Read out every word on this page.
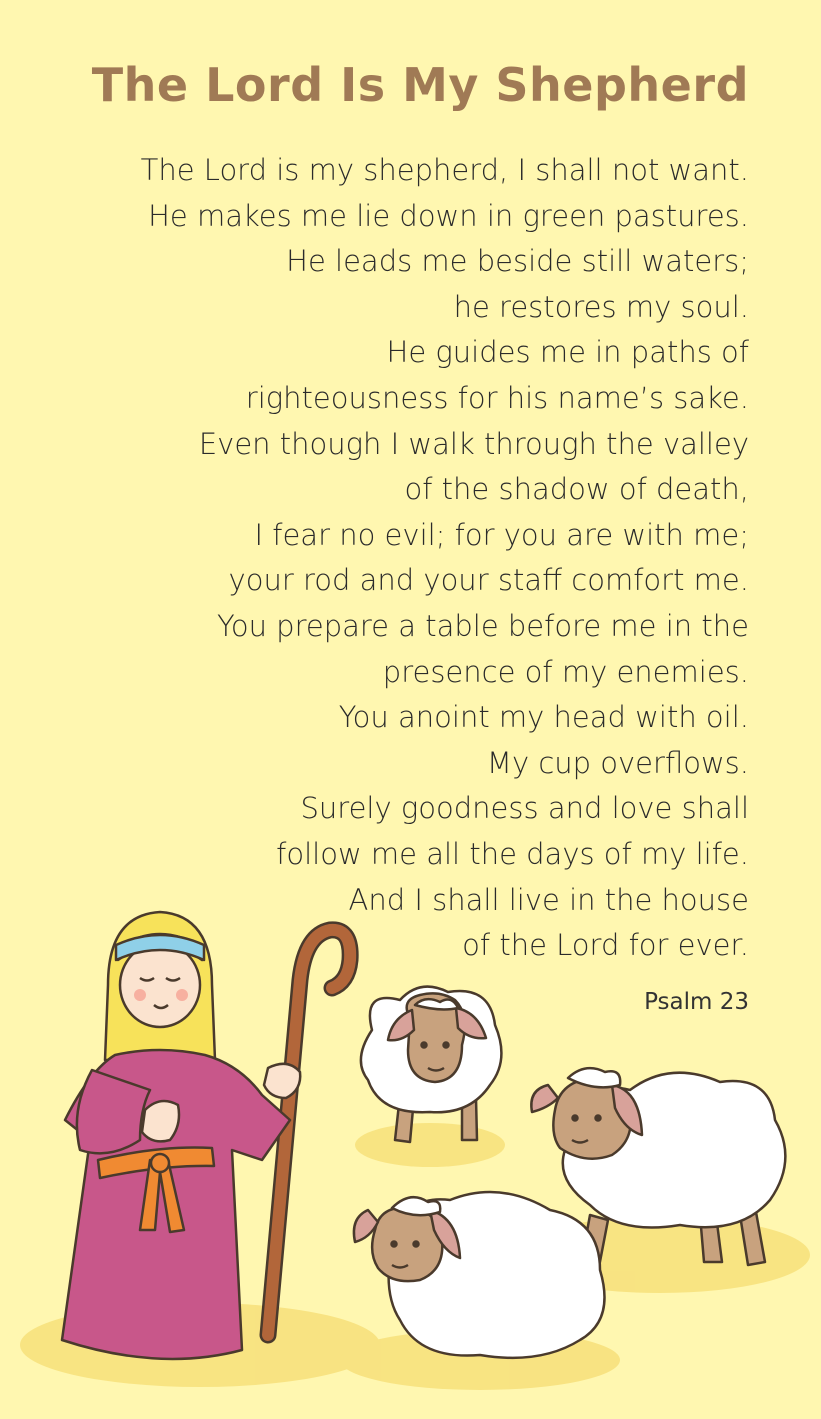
The Lord Is My Shepherd
The Lord is my shepherd, I shall not want.
He makes me lie down in green pastures.
He leads me beside still waters;
he restores my soul.
He guides me in paths of
righteousness for his name’s sake.
Even though I walk through the valley
of the shadow of death,
I fear no evil; for you are with me;
your rod and your staff comfort me.
You prepare a table before me in the
presence of my enemies.
You anoint my head with oil.
My cup overflows.
Surely goodness and love shall
follow me all the days of my life.
And I shall live in the house
of the Lord for ever.
Psalm 23
